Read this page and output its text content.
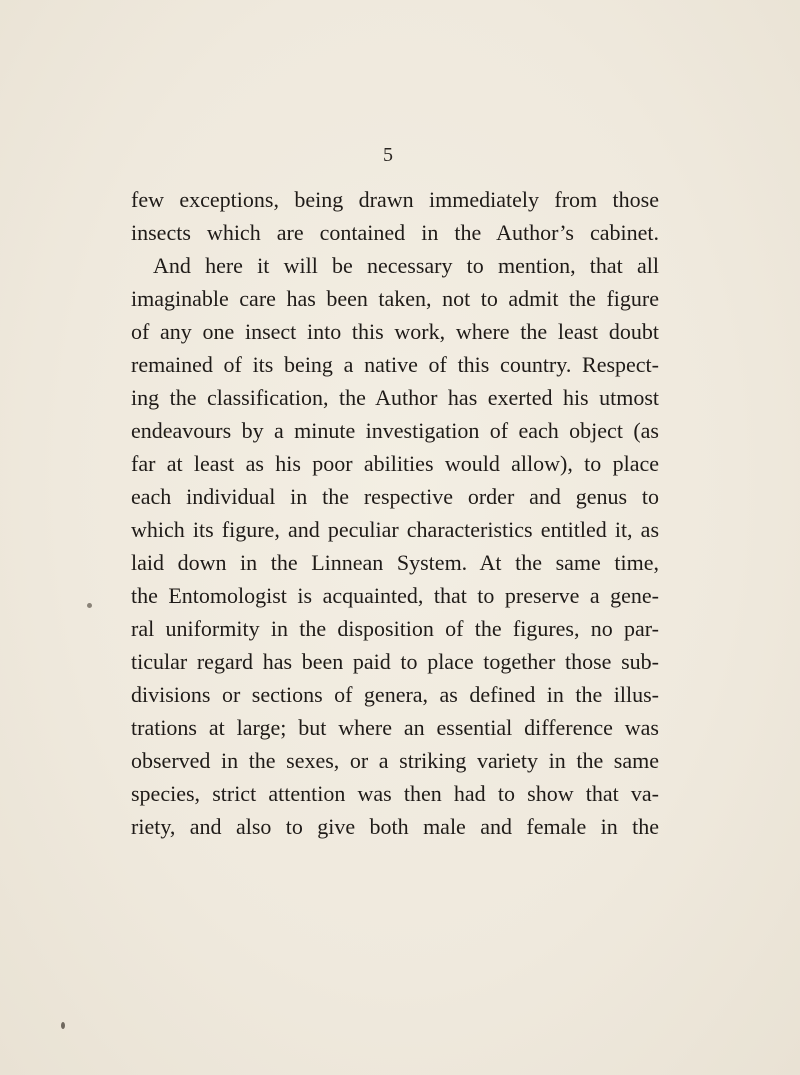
5
few exceptions, being drawn immediately from those
insects which are contained in the Author’s cabinet.
And here it will be necessary to mention, that all
imaginable care has been taken, not to admit the figure
of any one insect into this work, where the least doubt
remained of its being a native of this country. Respect-
ing the classification, the Author has exerted his utmost
endeavours by a minute investigation of each object (as
far at least as his poor abilities would allow), to place
each individual in the respective order and genus to
which its figure, and peculiar characteristics entitled it, as
laid down in the Linnean System. At the same time,
the Entomologist is acquainted, that to preserve a gene-
ral uniformity in the disposition of the figures, no par-
ticular regard has been paid to place together those sub-
divisions or sections of genera, as defined in the illus-
trations at large; but where an essential difference was
observed in the sexes, or a striking variety in the same
species, strict attention was then had to show that va-
riety, and also to give both male and female in the
